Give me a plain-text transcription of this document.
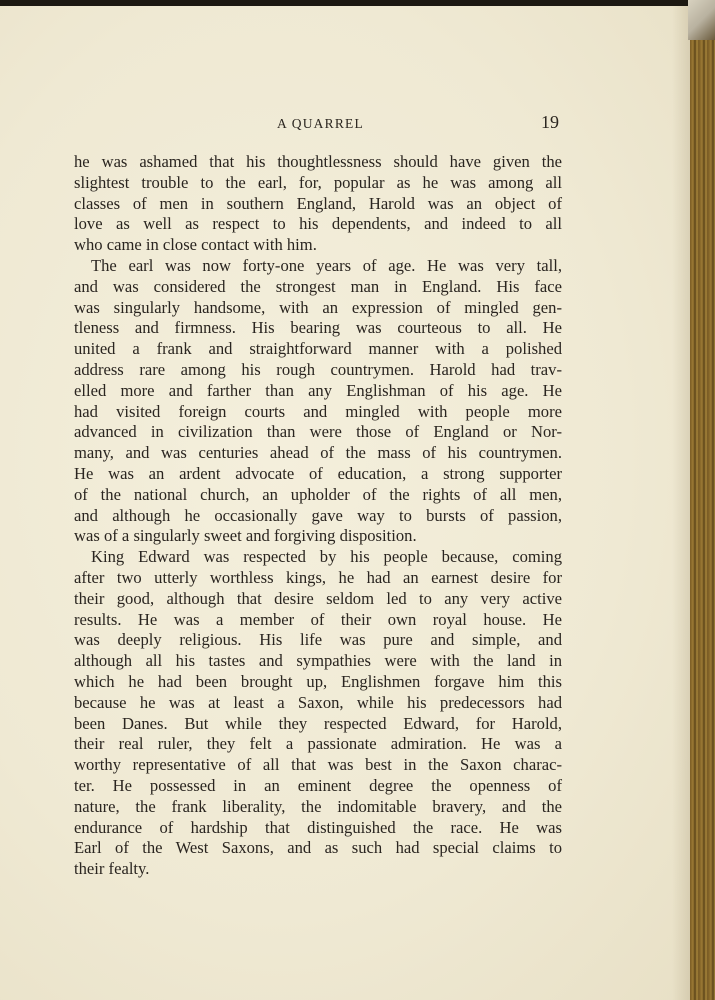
A QUARREL	19
he was ashamed that his thoughtlessness should have given the
slightest trouble to the earl, for, popular as he was among all
classes of men in southern England, Harold was an object of
love as well as respect to his dependents, and indeed to all
who came in close contact with him.
The earl was now forty-one years of age. He was very tall,
and was considered the strongest man in England. His face
was singularly handsome, with an expression of mingled gen-
tleness and firmness. His bearing was courteous to all. He
united a frank and straightforward manner with a polished
address rare among his rough countrymen. Harold had trav-
elled more and farther than any Englishman of his age. He
had visited foreign courts and mingled with people more
advanced in civilization than were those of England or Nor-
many, and was centuries ahead of the mass of his countrymen.
He was an ardent advocate of education, a strong supporter
of the national church, an upholder of the rights of all men,
and although he occasionally gave way to bursts of passion,
was of a singularly sweet and forgiving disposition.
King Edward was respected by his people because, coming
after two utterly worthless kings, he had an earnest desire for
their good, although that desire seldom led to any very active
results. He was a member of their own royal house. He
was deeply religious. His life was pure and simple, and
although all his tastes and sympathies were with the land in
which he had been brought up, Englishmen forgave him this
because he was at least a Saxon, while his predecessors had
been Danes. But while they respected Edward, for Harold,
their real ruler, they felt a passionate admiration. He was a
worthy representative of all that was best in the Saxon charac-
ter. He possessed in an eminent degree the openness of
nature, the frank liberality, the indomitable bravery, and the
endurance of hardship that distinguished the race. He was
Earl of the West Saxons, and as such had special claims to
their fealty.
